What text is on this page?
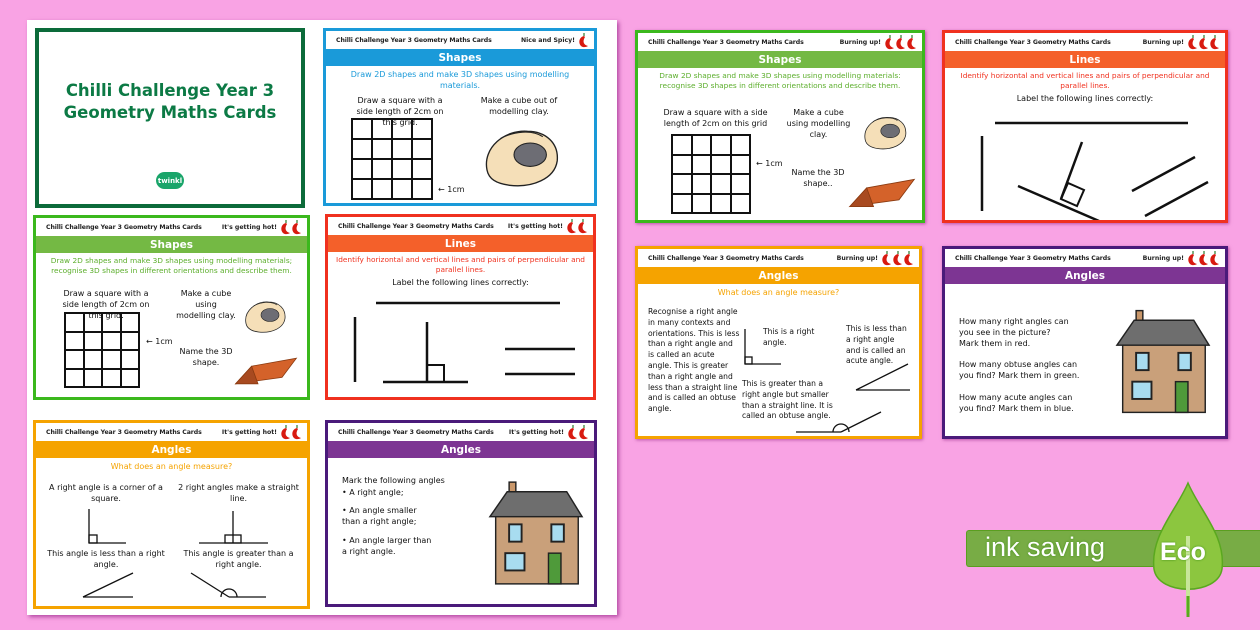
Chilli Challenge Year 3
Geometry Maths Cards
twinkl
Chilli Challenge Year 3 Geometry Maths Cards	Nice and Spicy!
Shapes
Draw 2D shapes and make 3D shapes using modelling materials.
Draw a square with a side length of 2cm on this grid.
Make a cube out of modelling clay.
← 1cm
Chilli Challenge Year 3 Geometry Maths Cards	It's getting hot!
Shapes
Draw 2D shapes and make 3D shapes using modelling materials; recognise 3D shapes in different orientations and describe them.
Draw a square with a side length of 2cm on this grid.
Make a cube using modelling clay.
Name the 3D shape.
← 1cm
Chilli Challenge Year 3 Geometry Maths Cards It's getting hot!
Lines
Identify horizontal and vertical lines and pairs of perpendicular and parallel lines.
Label the following lines correctly:
Chilli Challenge Year 3 Geometry Maths Cards	It's getting hot!
Angles
What does an angle measure?
A right angle is a corner of a square.
2 right angles make a straight line.
This angle is less than a right angle.
This angle is greater than a right angle.
Chilli Challenge Year 3 Geometry Maths Cards It's getting hot!
Angles
Mark the following angles
• A right angle;
• An angle smaller than a right angle;
• An angle larger than a right angle.
Chilli Challenge Year 3 Geometry Maths Cards	Burning up!
Shapes
Draw 2D shapes and make 3D shapes using modelling materials: recognise 3D shapes in different orientations and describe them.
Draw a square with a side length of 2cm on this grid
Make a cube using modelling clay.
Name the 3D shape..
← 1cm
Chilli Challenge Year 3 Geometry Maths Cards	Burning up!
Lines
Identify horizontal and vertical lines and pairs of perpendicular and parallel lines.
Label the following lines correctly:
Chilli Challenge Year 3 Geometry Maths Cards	Burning up!
Angles
What does an angle measure?
Recognise a right angle in many contexts and orientations. This is less than a right angle and is called an acute angle. This is greater than a right angle and less than a straight line and is called an obtuse angle.
This is a right angle.
This is less than a right angle and is called an acute angle.
This is greater than a right angle but smaller than a straight line. It is called an obtuse angle.
Chilli Challenge Year 3 Geometry Maths Cards	Burning up!
Angles
How many right angles can you see in the picture? Mark them in red.
How many obtuse angles can you find? Mark them in green.
How many acute angles can you find? Mark them in blue.
ink saving Eco
